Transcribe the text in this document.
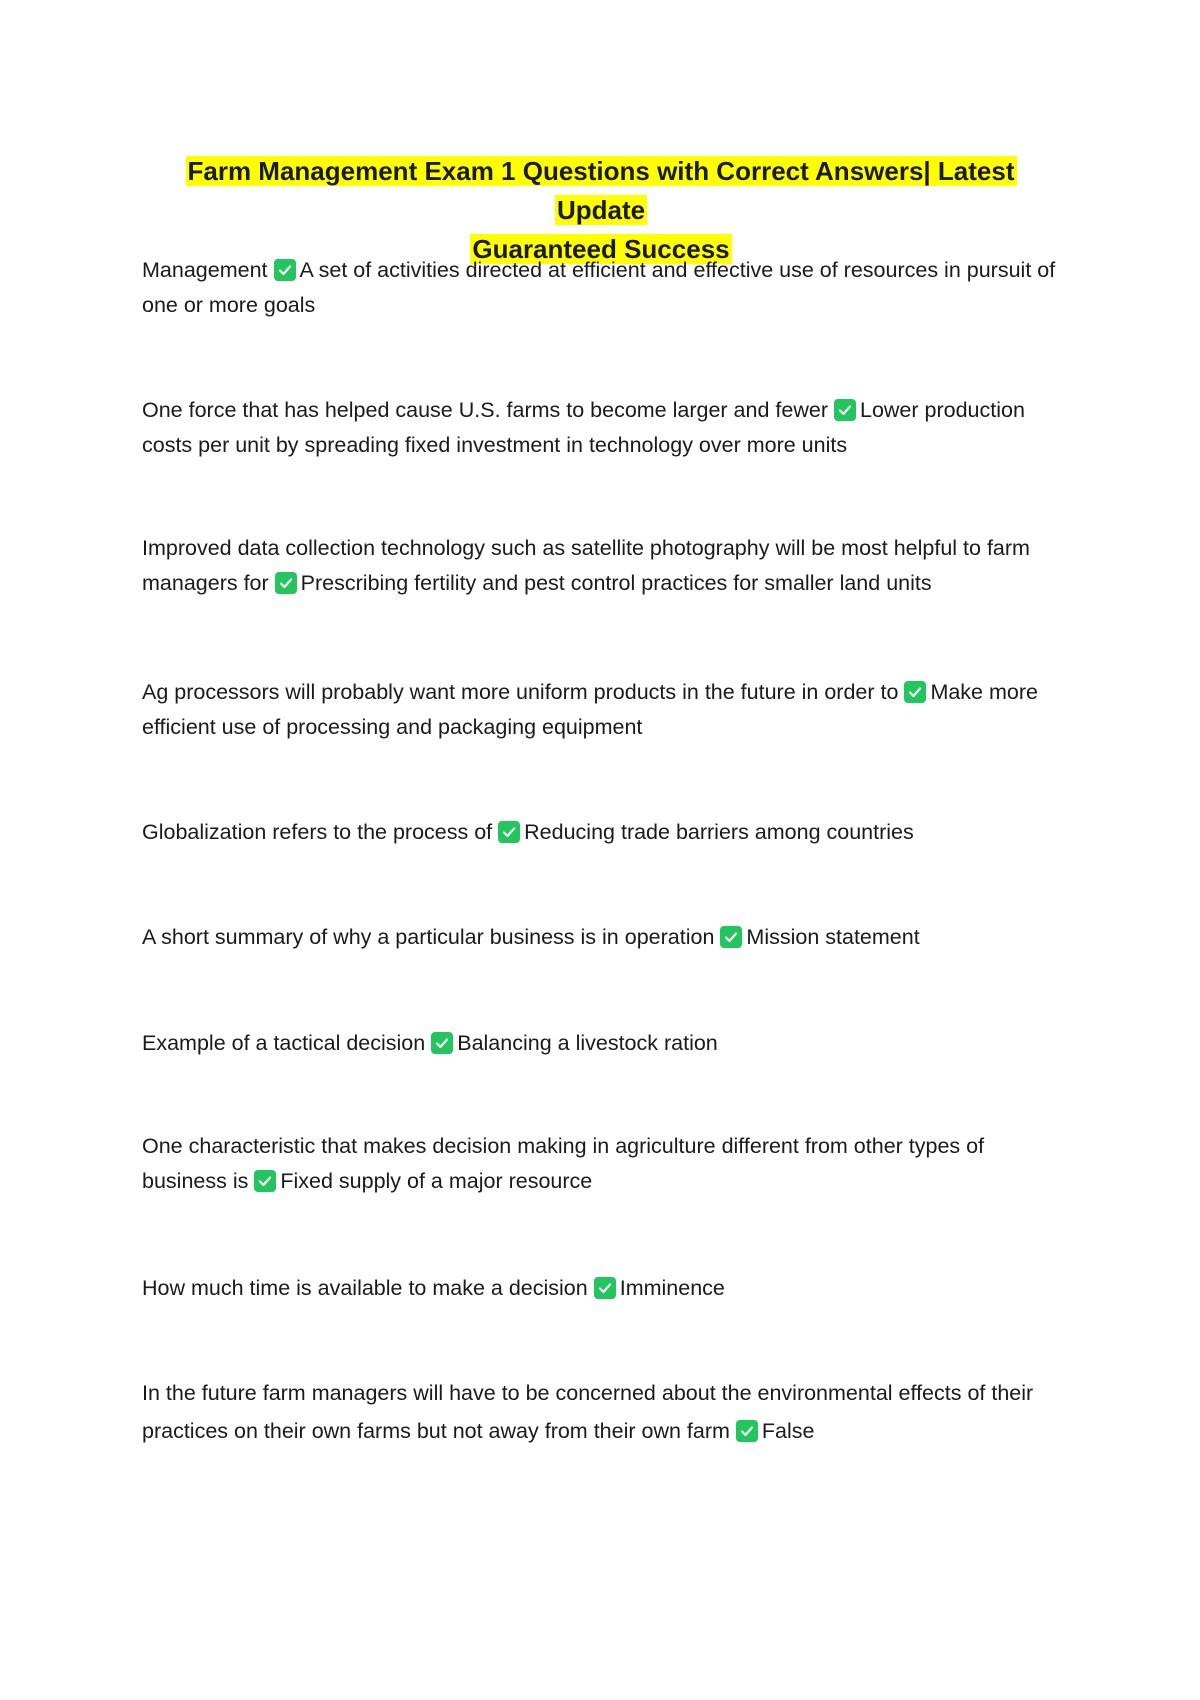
Farm Management Exam 1 Questions with Correct Answers| Latest Update
Guaranteed Success
Management A set of activities directed at efficient and effective use of resources in pursuit of one or more goals
One force that has helped cause U.S. farms to become larger and fewer Lower production costs per unit by spreading fixed investment in technology over more units
Improved data collection technology such as satellite photography will be most helpful to farm managers for Prescribing fertility and pest control practices for smaller land units
Ag processors will probably want more uniform products in the future in order to Make more efficient use of processing and packaging equipment
Globalization refers to the process of Reducing trade barriers among countries
A short summary of why a particular business is in operation Mission statement
Example of a tactical decision Balancing a livestock ration
One characteristic that makes decision making in agriculture different from other types of business is Fixed supply of a major resource
How much time is available to make a decision Imminence
In the future farm managers will have to be concerned about the environmental effects of their practices on their own farms but not away from their own farm False
